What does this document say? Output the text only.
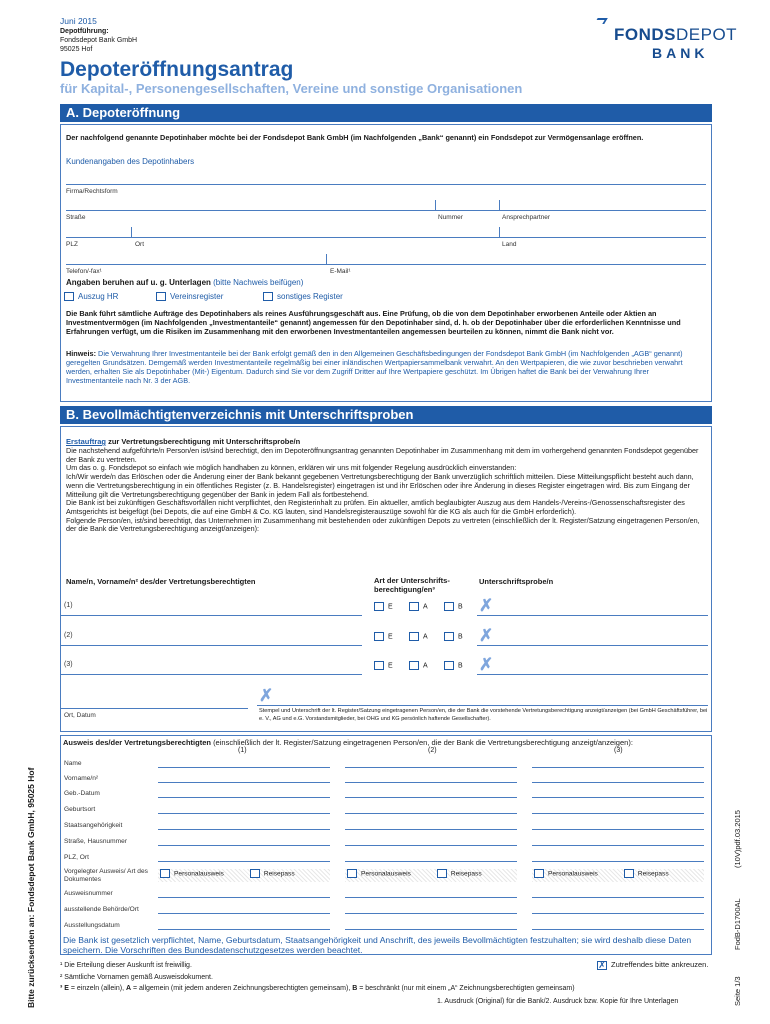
Juni 2015
Depotführung:
Fondsdepot Bank GmbH
95025 Hof
FONDSDEPOT
BANK
Depoteröffnungsantrag
für Kapital-, Personengesellschaften, Vereine und sonstige Organisationen
A. Depoteröffnung
Der nachfolgend genannte Depotinhaber möchte bei der Fondsdepot Bank GmbH (im Nachfolgenden „Bank“ genannt) ein Fondsdepot zur Vermögensanlage eröffnen.
Kundenangaben des Depotinhabers
Firma/Rechtsform
Straße	Nummer	Ansprechpartner
PLZ	Ort	Land
Telefon/-fax¹	E-Mail¹
Angaben beruhen auf u. g. Unterlagen (bitte Nachweis beifügen)
Auszug HR	Vereinsregister	sonstiges Register
Die Bank führt sämtliche Aufträge des Depotinhabers als reines Ausführungsgeschäft aus. Eine Prüfung, ob die von dem Depotinhaber erworbenen Anteile oder Aktien an Investmentvermögen (im Nachfolgenden „Investmentanteile“ genannt) angemessen für den Depotinhaber sind, d. h. ob der Depotinhaber über die erforderlichen Kenntnisse und Erfahrungen verfügt, um die Risiken im Zusammenhang mit den erworbenen Investmentanteilen angemessen beurteilen zu können, nimmt die Bank nicht vor.
Hinweis: Die Verwahrung Ihrer Investmentanteile bei der Bank erfolgt gemäß den in den Allgemeinen Geschäftsbedingungen der Fondsdepot Bank GmbH (im Nachfolgenden „AGB“ genannt) geregelten Grundsätzen. Demgemäß werden Investmentanteile regelmäßig bei einer inländischen Wertpapiersammelbank verwahrt. An den Wertpapieren, die wie zuvor beschrieben verwahrt werden, erhalten Sie als Depotinhaber (Mit-) Eigentum. Dadurch sind Sie vor dem Zugriff Dritter auf Ihre Wertpapiere geschützt. Im Übrigen haftet die Bank bei der Verwahrung Ihrer Investmentanteile nach Nr. 3 der AGB.
B. Bevollmächtigtenverzeichnis mit Unterschriftsproben
Erstauftrag zur Vertretungsberechtigung mit Unterschriftsprobe/n
Die nachstehend aufgeführte/n Person/en ist/sind berechtigt, den im Depoteröffnungsantrag genannten Depotinhaber im Zusammenhang mit dem im vorhergehend genannten Fondsdepot gegenüber der Bank zu vertreten.
Um das o. g. Fondsdepot so einfach wie möglich handhaben zu können, erklären wir uns mit folgender Regelung ausdrücklich einverstanden:
Ich/Wir werde/n das Erlöschen oder die Änderung einer der Bank bekannt gegebenen Vertretungsberechtigung der Bank unverzüglich schriftlich mitteilen. Diese Mitteilungspflicht besteht auch dann, wenn die Vertretungsberechtigung in ein öffentliches Register (z. B. Handelsregister) eingetragen ist und ihr Erlöschen oder ihre Änderung in dieses Register eingetragen wird. Bis zum Eingang der Mitteilung gilt die Vertretungsberechtigung gegenüber der Bank in jedem Fall als fortbestehend.
Die Bank ist bei zukünftigen Geschäftsvorfällen nicht verpflichtet, den Registerinhalt zu prüfen. Ein aktueller, amtlich beglaubigter Auszug aus dem Handels-/Vereins-/Genossenschaftsregister des Amtsgerichts ist beigefügt (bei Depots, die auf eine GmbH & Co. KG lauten, sind Handelsregisterauszüge sowohl für die KG als auch für die GmbH erforderlich).
Folgende Person/en, ist/sind berechtigt, das Unternehmen im Zusammenhang mit bestehenden oder zukünftigen Depots zu vertreten (einschließlich der lt. Register/Satzung eingetragenen Person/en, der die Bank die Vertretungsberechtigung anzeigt/anzeigen):
Name/n, Vorname/n² des/der Vertretungsberechtigten	Art der Unterschrifts-berechtigung/en³
Unterschriftsprobe/n
(1)	E	A	B ✗
(2)	E	A	B ✗
(3)	E	A	B ✗
Ort, Datum
✗
Stempel und Unterschrift der lt. Register/Satzung eingetragenen Person/en, die der Bank die vorstehende Vertretungsberechtigung anzeigt/anzeigen (bei GmbH Geschäftsführer, bei e. V., AG und e.G. Vorstandsmitglieder, bei OHG und KG persönlich haftende Gesellschafter).
Ausweis des/der Vertretungsberechtigten (einschließlich der lt. Register/Satzung eingetragenen Person/en, die der Bank die Vertretungsberechtigung anzeigt/anzeigen):
(1)	(2)	(3)
Name
Vorname/n²
Geb.-Datum
Geburtsort
Staatsangehörigkeit
Straße, Hausnummer
PLZ, Ort
Vorgelegter Ausweis/ Art des Dokumentes
Personalausweis	Reisepass	Personalausweis	Reisepass	Personalausweis	Reisepass
Ausweisnummer
ausstellende Behörde/Ort
Ausstellungsdatum
Die Bank ist gesetzlich verpflichtet, Name, Geburtsdatum, Staatsangehörigkeit und Anschrift, des jeweils Bevollmächtigten festzuhalten; sie wird deshalb diese Daten speichern. Die Vorschriften des Bundesdatenschutzgesetzes werden beachtet.
¹ Die Erteilung dieser Auskunft ist freiwillig.
² Sämtliche Vornamen gemäß Ausweisdokument.
³ E = einzeln (allein), A = allgemein (mit jedem anderen Zeichnungsberechtigten gemeinsam), B = beschränkt (nur mit einem „A“ Zeichnungsberechtigten gemeinsam)
✗ Zutreffendes bitte ankreuzen.
1. Ausdruck (Original) für die Bank/2. Ausdruck bzw. Kopie für Ihre Unterlagen
Bitte zurücksenden an: Fondsdepot Bank GmbH, 95025 Hof	(10V)pdf.03.2015
FodB-D1700AL
Seite 1/3
